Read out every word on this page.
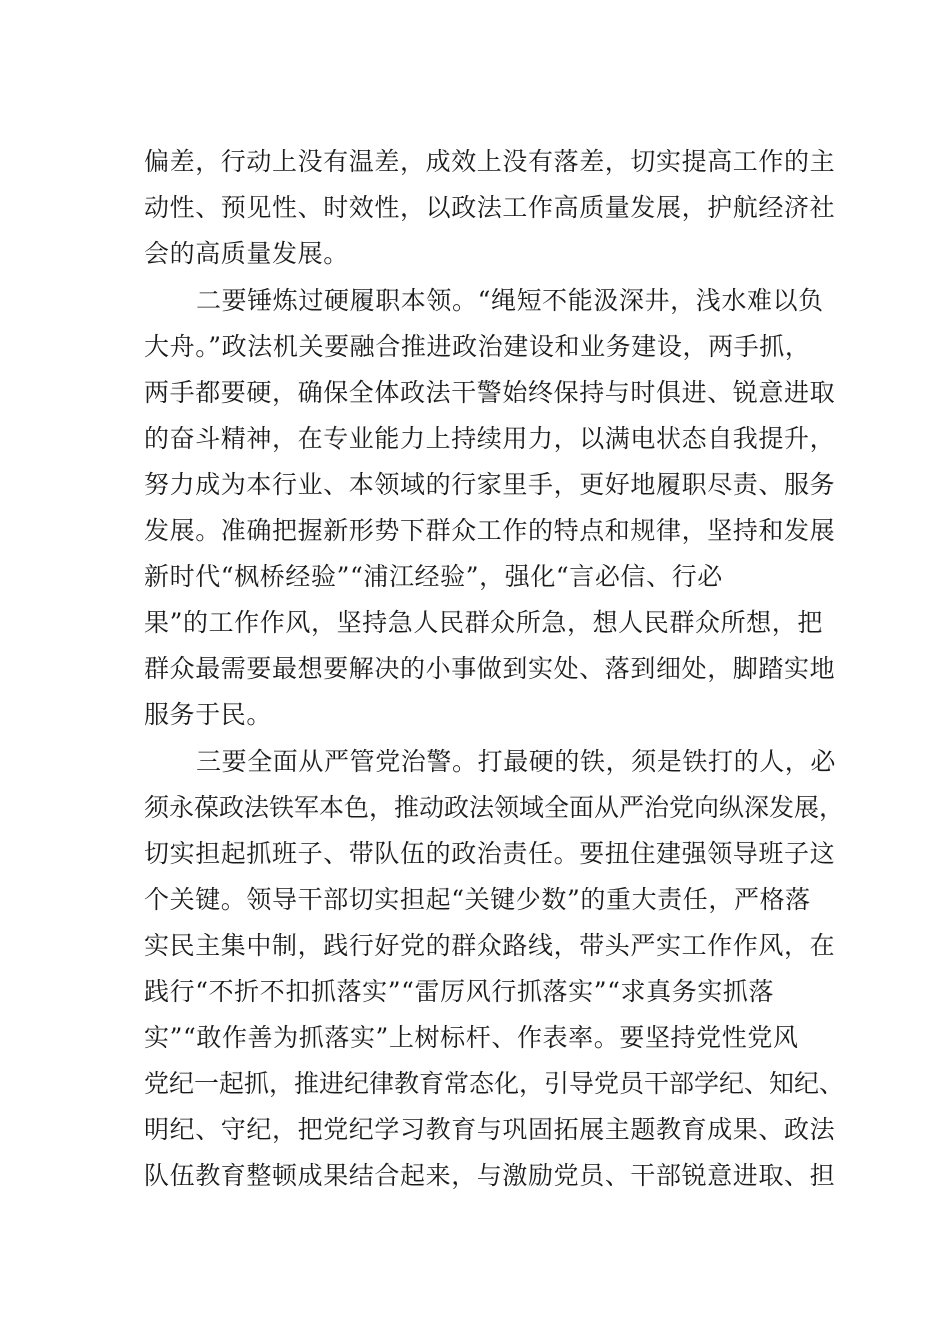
偏差，行动上没有温差，成效上没有落差，切实提高工作的主
动性、预见性、时效性，以政法工作高质量发展，护航经济社
会的高质量发展。
二要锤炼过硬履职本领。“绳短不能汲深井，浅水难以负
大舟。”政法机关要融合推进政治建设和业务建设，两手抓，
两手都要硬，确保全体政法干警始终保持与时俱进、锐意进取
的奋斗精神，在专业能力上持续用力，以满电状态自我提升，
努力成为本行业、本领域的行家里手，更好地履职尽责、服务
发展。准确把握新形势下群众工作的特点和规律，坚持和发展
新时代“枫桥经验”“浦江经验”，强化“言必信、行必
果”的工作作风，坚持急人民群众所急，想人民群众所想，把
群众最需要最想要解决的小事做到实处、落到细处，脚踏实地
服务于民。
三要全面从严管党治警。打最硬的铁，须是铁打的人，必
须永葆政法铁军本色，推动政法领域全面从严治党向纵深发展，
切实担起抓班子、带队伍的政治责任。要扭住建强领导班子这
个关键。领导干部切实担起“关键少数”的重大责任，严格落
实民主集中制，践行好党的群众路线，带头严实工作作风，在
践行“不折不扣抓落实”“雷厉风行抓落实”“求真务实抓落
实”“敢作善为抓落实”上树标杆、作表率。要坚持党性党风
党纪一起抓，推进纪律教育常态化，引导党员干部学纪、知纪、
明纪、守纪，把党纪学习教育与巩固拓展主题教育成果、政法
队伍教育整顿成果结合起来，与激励党员、干部锐意进取、担
